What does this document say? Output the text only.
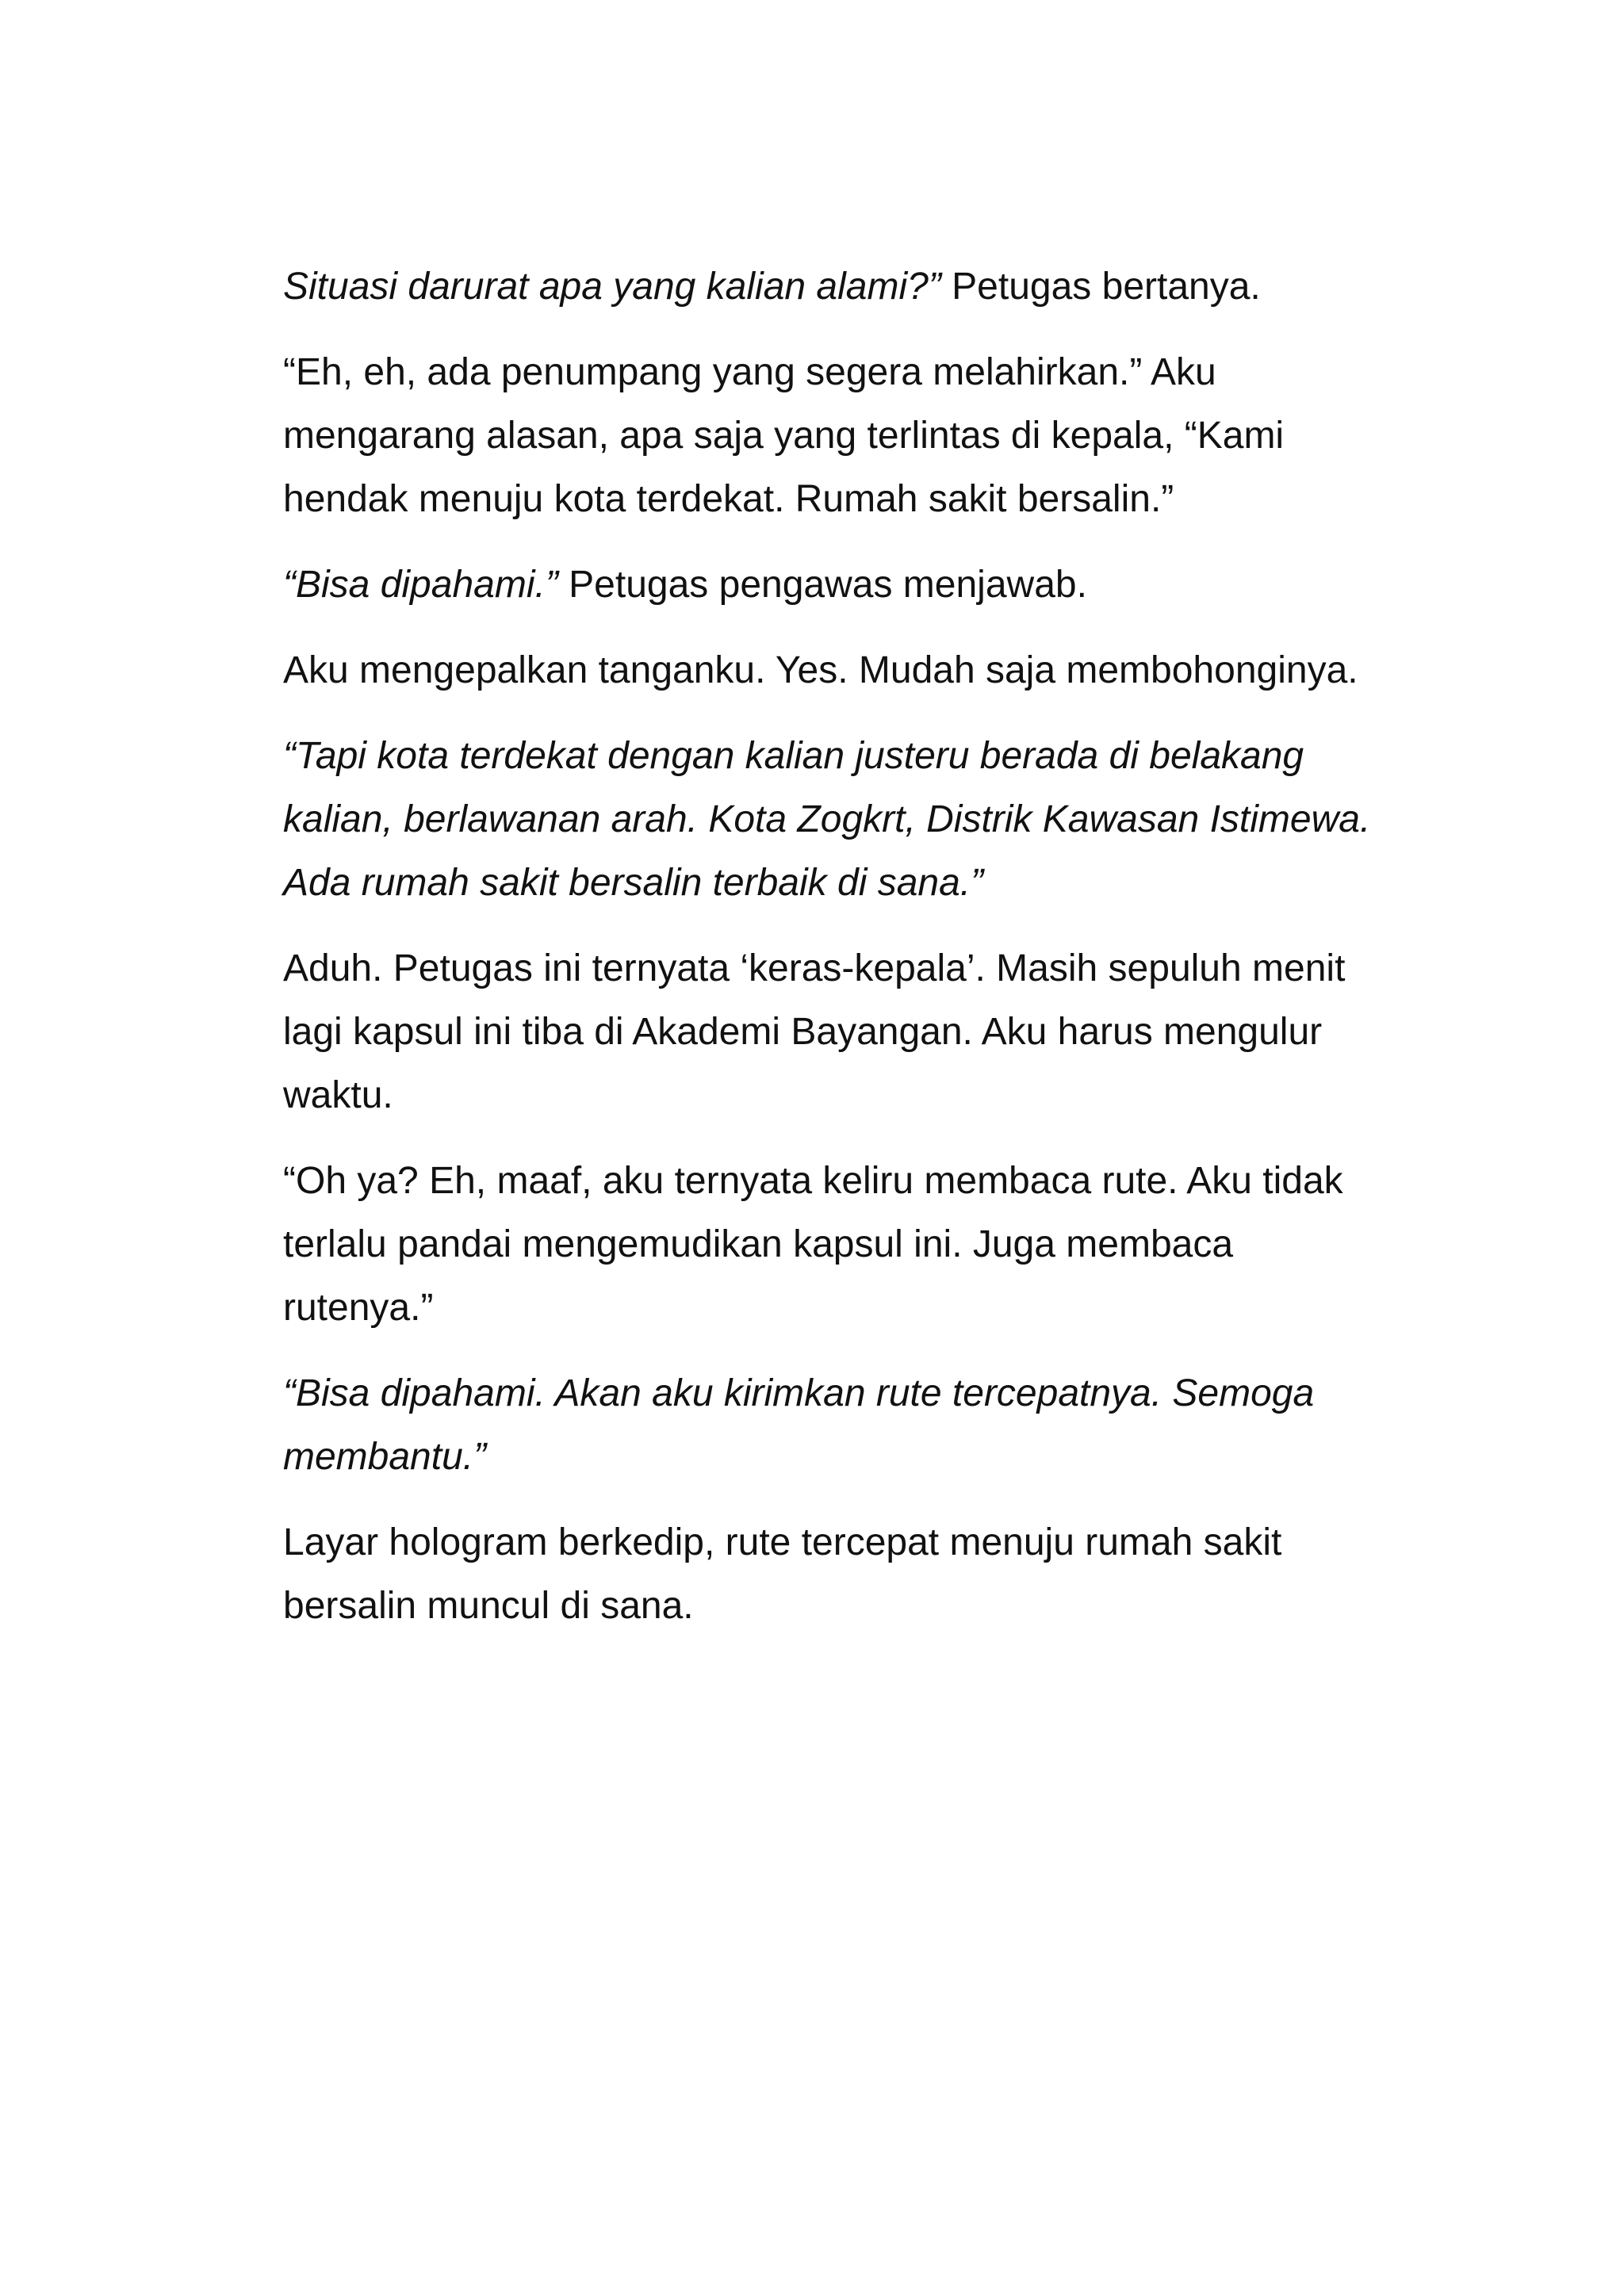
Situasi darurat apa yang kalian alami?” Petugas bertanya.

“Eh, eh, ada penumpang yang segera melahirkan.” Aku mengarang alasan, apa saja yang terlintas di kepala, “Kami hendak menuju kota terdekat. Rumah sakit bersalin.”

“Bisa dipahami.” Petugas pengawas menjawab.

Aku mengepalkan tanganku. Yes. Mudah saja membohonginya.

“Tapi kota terdekat dengan kalian justeru berada di belakang kalian, berlawanan arah. Kota Zogkrt, Distrik Kawasan Istimewa. Ada rumah sakit bersalin terbaik di sana.”

Aduh. Petugas ini ternyata ‘keras-kepala’. Masih sepuluh menit lagi kapsul ini tiba di Akademi Bayangan. Aku harus mengulur waktu.

“Oh ya? Eh, maaf, aku ternyata keliru membaca rute. Aku tidak terlalu pandai mengemudikan kapsul ini. Juga membaca rutenya.”

“Bisa dipahami. Akan aku kirimkan rute tercepatnya. Semoga membantu.”

Layar hologram berkedip, rute tercepat menuju rumah sakit bersalin muncul di sana.
